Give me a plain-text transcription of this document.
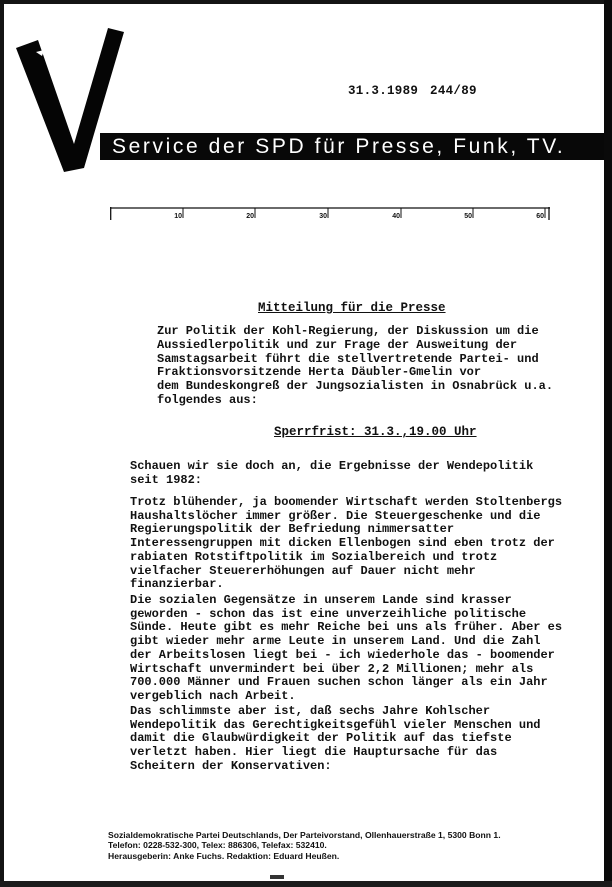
31.3.1989 244/89
Service der SPD für Presse, Funk, TV.
10	20	30	40	50	60
Mitteilung für die Presse
Zur Politik der Kohl-Regierung, der Diskussion um die
Aussiedlerpolitik und zur Frage der Ausweitung der
Samstagsarbeit führt die stellvertretende Partei- und
Fraktionsvorsitzende Herta Däubler-Gmelin vor
dem Bundeskongreß der Jungsozialisten in Osnabrück u.a.
folgendes aus:
Sperrfrist: 31.3.,19.00 Uhr
Schauen wir sie doch an, die Ergebnisse der Wendepolitik
seit 1982:
Trotz blühender, ja boomender Wirtschaft werden Stoltenbergs
Haushaltslöcher immer größer. Die Steuergeschenke und die
Regierungspolitik der Befriedung nimmersatter
Interessengruppen mit dicken Ellenbogen sind eben trotz der
rabiaten Rotstiftpolitik im Sozialbereich und trotz
vielfacher Steuererhöhungen auf Dauer nicht mehr
finanzierbar.
Die sozialen Gegensätze in unserem Lande sind krasser
geworden - schon das ist eine unverzeihliche politische
Sünde. Heute gibt es mehr Reiche bei uns als früher. Aber es
gibt wieder mehr arme Leute in unserem Land. Und die Zahl
der Arbeitslosen liegt bei - ich wiederhole das - boomender
Wirtschaft unvermindert bei über 2,2 Millionen; mehr als
700.000 Männer und Frauen suchen schon länger als ein Jahr
vergeblich nach Arbeit.
Das schlimmste aber ist, daß sechs Jahre Kohlscher
Wendepolitik das Gerechtigkeitsgefühl vieler Menschen und
damit die Glaubwürdigkeit der Politik auf das tiefste
verletzt haben. Hier liegt die Hauptursache für das
Scheitern der Konservativen:
Sozialdemokratische Partei Deutschlands, Der Parteivorstand, Ollenhauerstraße 1, 5300 Bonn 1.
Telefon: 0228-532-300, Telex: 886306, Telefax: 532410.
Herausgeberin: Anke Fuchs. Redaktion: Eduard Heußen.
